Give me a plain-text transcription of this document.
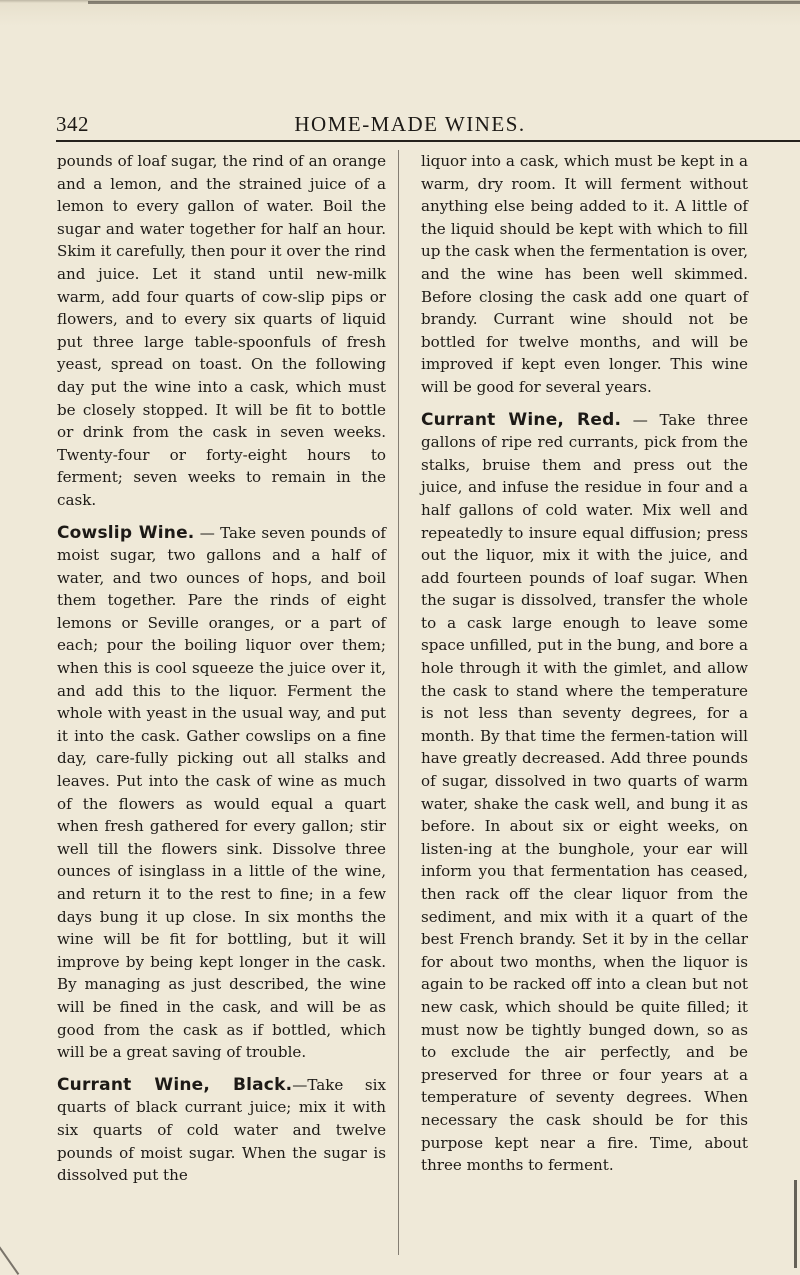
342	HOME-MADE WINES.

pounds of loaf sugar, the rind of an orange and a lemon, and the strained juice of a lemon to every gallon of water. Boil the sugar and water together for half an hour. Skim it carefully, then pour it over the rind and juice. Let it stand until new-milk warm, add four quarts of cow-slip pips or flowers, and to every six quarts of liquid put three large table-spoonfuls of fresh yeast, spread on toast. On the following day put the wine into a cask, which must be closely stopped. It will be fit to bottle or drink from the cask in seven weeks. Twenty-four or forty-eight hours to ferment; seven weeks to remain in the cask.

Cowslip Wine. — Take seven pounds of moist sugar, two gallons and a half of water, and two ounces of hops, and boil them together. Pare the rinds of eight lemons or Seville oranges, or a part of each; pour the boiling liquor over them; when this is cool squeeze the juice over it, and add this to the liquor. Ferment the whole with yeast in the usual way, and put it into the cask. Gather cowslips on a fine day, care-fully picking out all stalks and leaves. Put into the cask of wine as much of the flowers as would equal a quart when fresh gathered for every gallon; stir well till the flowers sink. Dissolve three ounces of isinglass in a little of the wine, and return it to the rest to fine; in a few days bung it up close. In six months the wine will be fit for bottling, but it will improve by being kept longer in the cask. By managing as just described, the wine will be fined in the cask, and will be as good from the cask as if bottled, which will be a great saving of trouble.

Currant Wine, Black.—Take six quarts of black currant juice; mix it with six quarts of cold water and twelve pounds of moist sugar. When the sugar is dissolved put the

liquor into a cask, which must be kept in a warm, dry room. It will ferment without anything else being added to it. A little of the liquid should be kept with which to fill up the cask when the fermentation is over, and the wine has been well skimmed. Before closing the cask add one quart of brandy. Currant wine should not be bottled for twelve months, and will be improved if kept even longer. This wine will be good for several years.

Currant Wine, Red. — Take three gallons of ripe red currants, pick from the stalks, bruise them and press out the juice, and infuse the residue in four and a half gallons of cold water. Mix well and repeatedly to insure equal diffusion; press out the liquor, mix it with the juice, and add fourteen pounds of loaf sugar. When the sugar is dissolved, transfer the whole to a cask large enough to leave some space unfilled, put in the bung, and bore a hole through it with the gimlet, and allow the cask to stand where the temperature is not less than seventy degrees, for a month. By that time the fermen-tation will have greatly decreased. Add three pounds of sugar, dissolved in two quarts of warm water, shake the cask well, and bung it as before. In about six or eight weeks, on listen-ing at the bunghole, your ear will inform you that fermentation has ceased, then rack off the clear liquor from the sediment, and mix with it a quart of the best French brandy. Set it by in the cellar for about two months, when the liquor is again to be racked off into a clean but not new cask, which should be quite filled; it must now be tightly bunged down, so as to exclude the air perfectly, and be preserved for three or four years at a temperature of seventy degrees. When necessary the cask should be for this purpose kept near a fire. Time, about three months to ferment.
